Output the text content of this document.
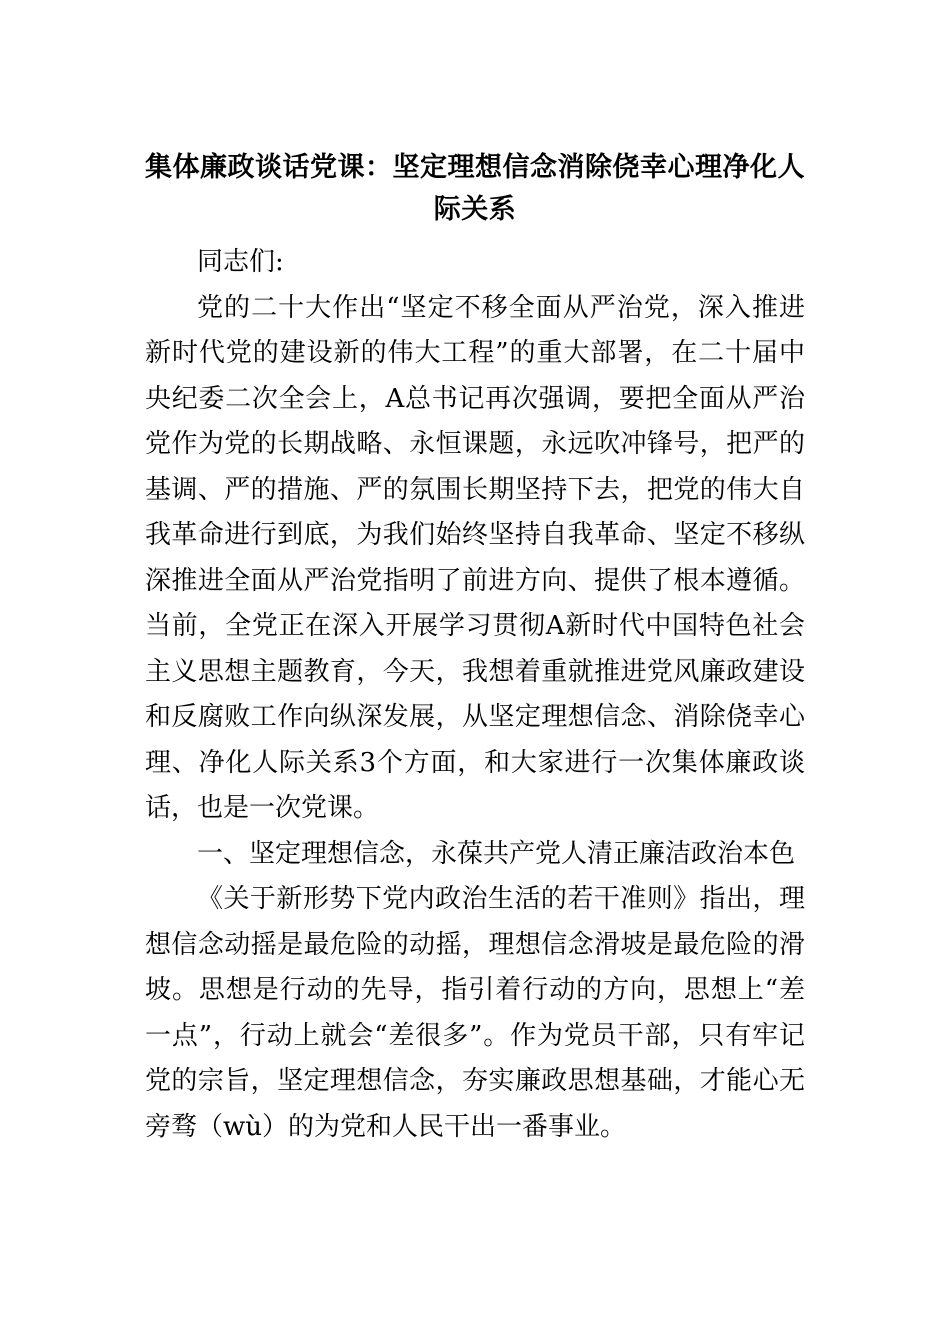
集体廉政谈话党课：坚定理想信念消除侥幸心理净化人际关系

同志们:

党的二十大作出“坚定不移全面从严治党，深入推进新时代党的建设新的伟大工程”的重大部署，在二十届中央纪委二次全会上，A总书记再次强调，要把全面从严治党作为党的长期战略、永恒课题，永远吹冲锋号，把严的基调、严的措施、严的氛围长期坚持下去，把党的伟大自我革命进行到底，为我们始终坚持自我革命、坚定不移纵深推进全面从严治党指明了前进方向、提供了根本遵循。当前，全党正在深入开展学习贯彻A新时代中国特色社会主义思想主题教育，今天，我想着重就推进党风廉政建设和反腐败工作向纵深发展，从坚定理想信念、消除侥幸心理、净化人际关系3个方面，和大家进行一次集体廉政谈话，也是一次党课。

一、坚定理想信念，永葆共产党人清正廉洁政治本色

《关于新形势下党内政治生活的若干准则》指出，理想信念动摇是最危险的动摇，理想信念滑坡是最危险的滑坡。思想是行动的先导，指引着行动的方向，思想上“差一点”，行动上就会“差很多”。作为党员干部，只有牢记党的宗旨，坚定理想信念，夯实廉政思想基础，才能心无旁骛（wù）的为党和人民干出一番事业。
